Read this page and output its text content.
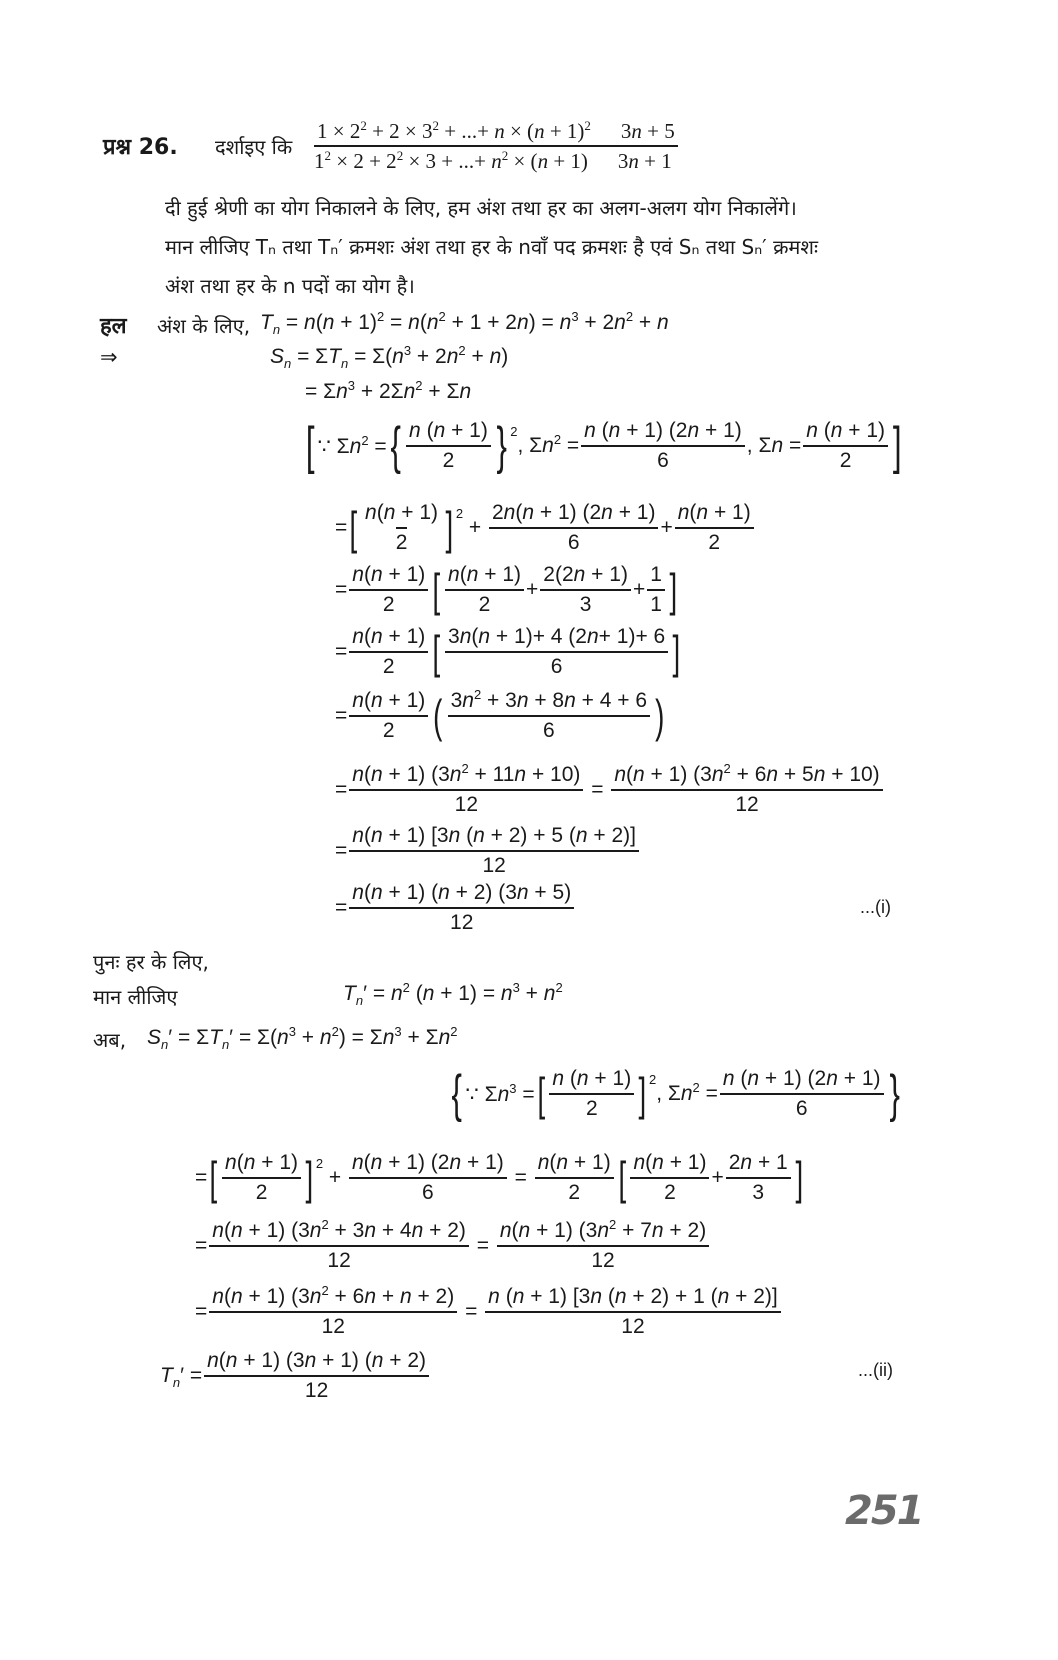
प्रश्न 26. दर्शाइए कि $\frac{1 \times 2^2 + 2 \times 3^2 + ...+ n \times (n + 1)^2 3n + 5}{1^2 \times 2 + 2^2 \times 3 + ...+ n^2 \times (n + 1) 3n + 1}$
दी हुई श्रेणी का योग निकालने के लिए, हम अंश तथा हर का अलग-अलग योग निकालेंगे।
मान लीजिए Tₙ तथा Tₙ′ क्रमशः अंश तथा हर के nवाँ पद क्रमशः है एवं Sₙ तथा Sₙ′ क्रमशः
अंश तथा हर के n पदों का योग है।
हल अंश के लिए, $T_n = n(n + 1)^2 = n(n^2 + 1 + 2n) = n^3 + 2n^2 + n$
⇒	$S_n = \Sigma T_n = \Sigma(n^3 + 2n^2 + n)$
= $\Sigma n^3 + 2\Sigma n^2 + \Sigma n$
[ ∵ $\Sigma n^2$ = { $\frac{n (n + 1)}{2}$ } $^2$
, $\Sigma n^2 = \frac{n (n + 1) (2n + 1)}{6}$ , $\Sigma n = \frac{n (n + 1)}{2}$ ]
= [ $\frac{n(n + 1)}{2} ]^2$
+ $\frac{2n(n + 1) (2n + 1)}{6} + \frac{n(n + 1)}{2}$
= $\frac{n(n + 1)}{2}$ [ $\frac{n(n + 1)}{2} + \frac{2(2n + 1)}{3} + \frac{1}{1}$ ]
= $\frac{n(n + 1)}{2}$ [ $\frac{3n(n + 1)+ 4 (2n+ 1)+ 6}{6}$ ]
= $\frac{n(n + 1)}{2}$ ( $\frac{3n^2 + 3n + 8n + 4 + 6}{6}$ )
= $\frac{n(n + 1) (3n^2 + 11n + 10)}{12} = \frac{n(n + 1) (3n^2 + 6n + 5n + 10)}{12}$
= $\frac{n(n + 1) [3n (n + 2) + 5 (n + 2)]}{12}$
= $\frac{n(n + 1) (n + 2) (3n + 5)}{12}$	...(i)
पुनः हर के लिए,
मान लीजिए	$T_n' = n^2$ $(n + 1) = n^3 + n^2$
अब, $S_n' = \Sigma T_n' = \Sigma(n^3 + n^2) = \Sigma n^3 + \Sigma n^2$
{ ∵ $\Sigma n^3$ = [ $\frac{n (n + 1)}{2} ]^2$
, $\Sigma n^2 = \frac{n (n + 1) (2n + 1)}{6}$ }
= [ $\frac{n(n + 1)}{2} ]^2$
+ $\frac{n(n + 1) (2n + 1)}{6} = \frac{n(n + 1)}{2}$ [ $\frac{n(n + 1)}{2} + \frac{2n + 1}{3}$ ]
= $\frac{n(n + 1) (3n^2 + 3n + 4n + 2)}{12} = \frac{n(n + 1) (3n^2 + 7n + 2)}{12}$
= $\frac{n(n + 1) (3n^2 + 6n + n + 2)}{12} = \frac{n (n + 1) [3n (n + 2) + 1 (n + 2)]}{12}$
$T_n' = \frac{n(n + 1) (3n + 1) (n + 2)}{12}$	...(ii)
251
